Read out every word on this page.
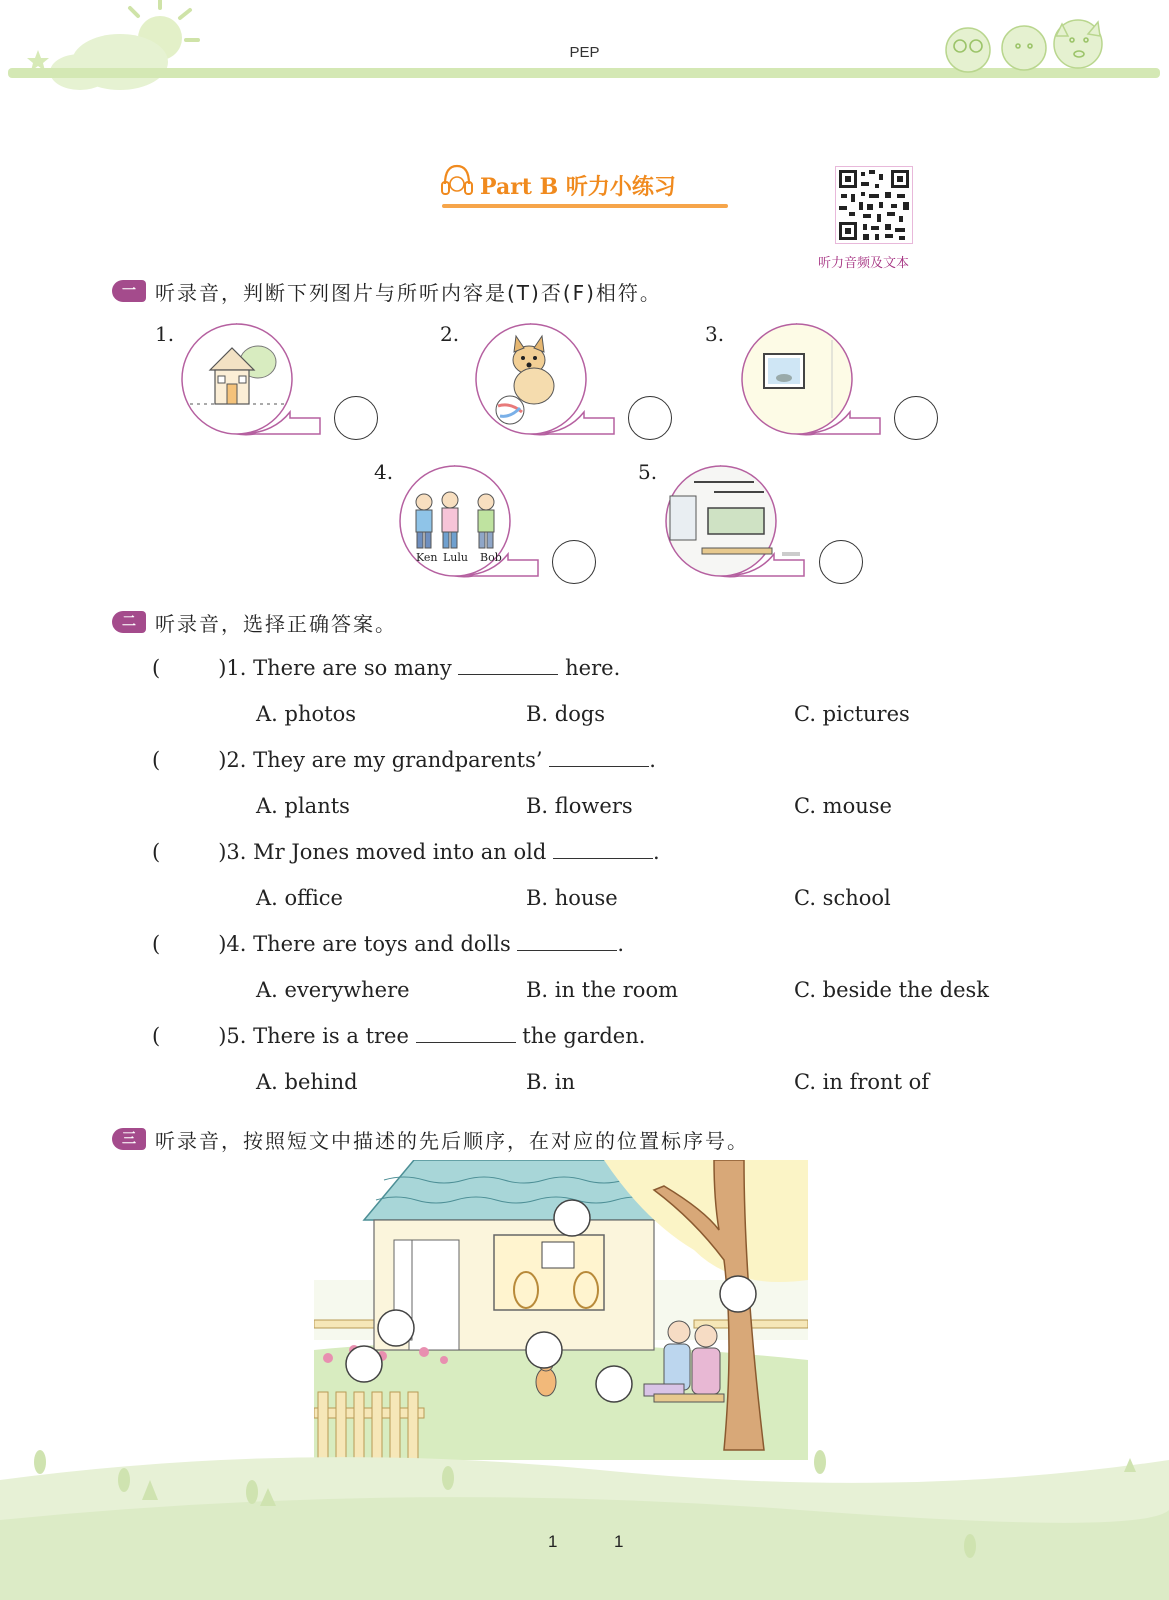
PEP
Part B 听力小练习
听力音频及文本
一 听录音，判断下列图片与所听内容是(T)否(F)相符。
1.	2.	3.
4.
Ken Lulu Bob
5.
二 听录音，选择正确答案。
(	)1. There are so many	here.
A. photos	B. dogs	C. pictures
(	)2. They are my grandparents’	.
A. plants	B. flowers	C. mouse
(	)3. Mr Jones moved into an old	.
A. office	B. house	C. school
(	)4. There are toys and dolls	.
A. everywhere	B. in the room	C. beside the desk
(	)5. There is a tree	the garden.
A. behind	B. in	C. in front of
三 听录音，按照短文中描述的先后顺序，在对应的位置标序号。
1	1
